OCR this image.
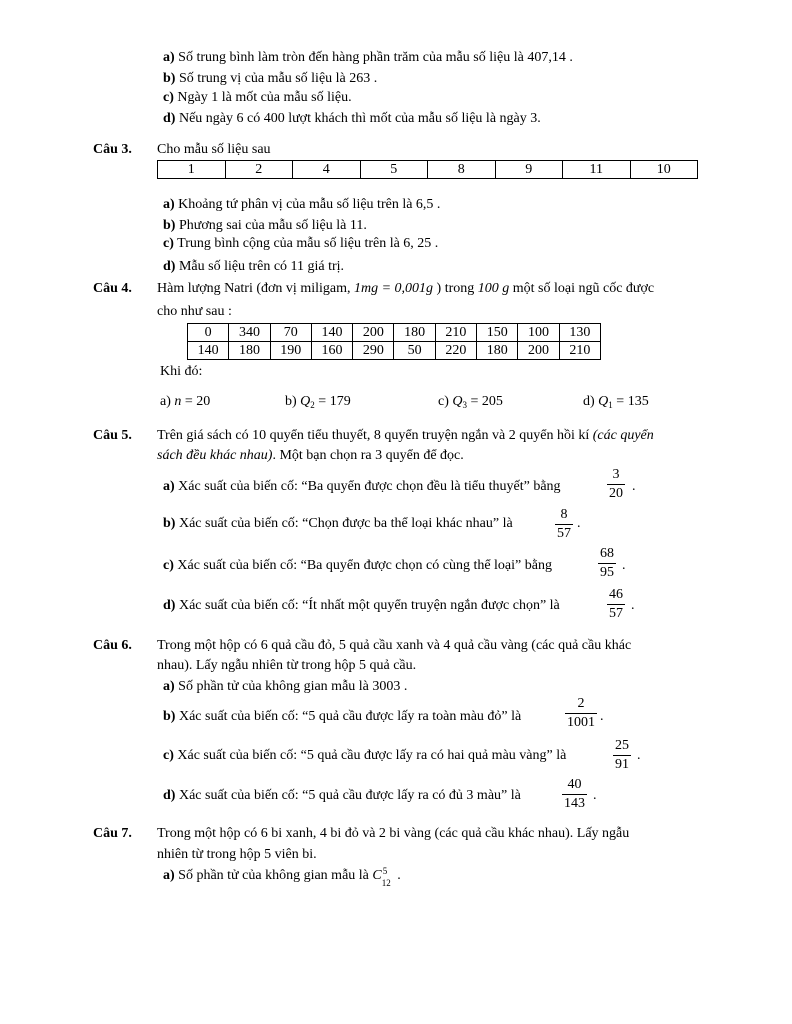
a) Số trung bình làm tròn đến hàng phần trăm của mẫu số liệu là 407,14 .
b) Số trung vị của mẫu số liệu là 263 .
c) Ngày 1 là mốt của mẫu số liệu.
d) Nếu ngày 6 có 400 lượt khách thì mốt của mẫu số liệu là ngày 3.
Câu 3. Cho mẫu số liệu sau
1	2	4	5	8	9	11	10
a) Khoảng tứ phân vị của mẫu số liệu trên là 6,5 .
b) Phương sai của mẫu số liệu là 11.
c) Trung bình cộng của mẫu số liệu trên là 6, 25 .
d) Mẫu số liệu trên có 11 giá trị.
Câu 4. Hàm lượng Natri (đơn vị miligam, 1mg = 0,001g ) trong 100 g một số loại ngũ cốc được
cho như sau :
0	340	70	140	200	180	210	150	100	130
140	180	190	160	290	50	220	180	200	210
Khi đó:
a) n = 20	b) $Q_2 = 179$	c) $Q_3 = 205$	d) $Q_1 = 135$
Câu 5. Trên giá sách có 10 quyển tiểu thuyết, 8 quyển truyện ngắn và 2 quyển hồi kí (các quyển
sách đều khác nhau). Một bạn chọn ra 3 quyển để đọc.
a) Xác suất của biến cố: “Ba quyển được chọn đều là tiểu thuyết” bằng
3
20 .
b) Xác suất của biến cố: “Chọn được ba thể loại khác nhau” là
8
57
.
c) Xác suất của biến cố: “Ba quyển được chọn có cùng thể loại” bằng
68
95 .
d) Xác suất của biến cố: “Ít nhất một quyển truyện ngắn được chọn” là
46
57
.
Câu 6. Trong một hộp có 6 quả cầu đỏ, 5 quả cầu xanh và 4 quả cầu vàng (các quả cầu khác
nhau). Lấy ngẫu nhiên từ trong hộp 5 quả cầu.
a) Số phần tử của không gian mẫu là 3003 .
b) Xác suất của biến cố: “5 quả cầu được lấy ra toàn màu đỏ” là
2
1001 .
c) Xác suất của biến cố: “5 quả cầu được lấy ra có hai quả màu vàng” là
25
91
.
d) Xác suất của biến cố: “5 quả cầu được lấy ra có đủ 3 màu” là
40
143
.
Câu 7. Trong một hộp có 6 bi xanh, 4 bi đỏ và 2 bi vàng (các quả cầu khác nhau). Lấy ngẫu
nhiên từ trong hộp 5 viên bi.
a) Số phần tử của không gian mẫu là C 5
12 .
